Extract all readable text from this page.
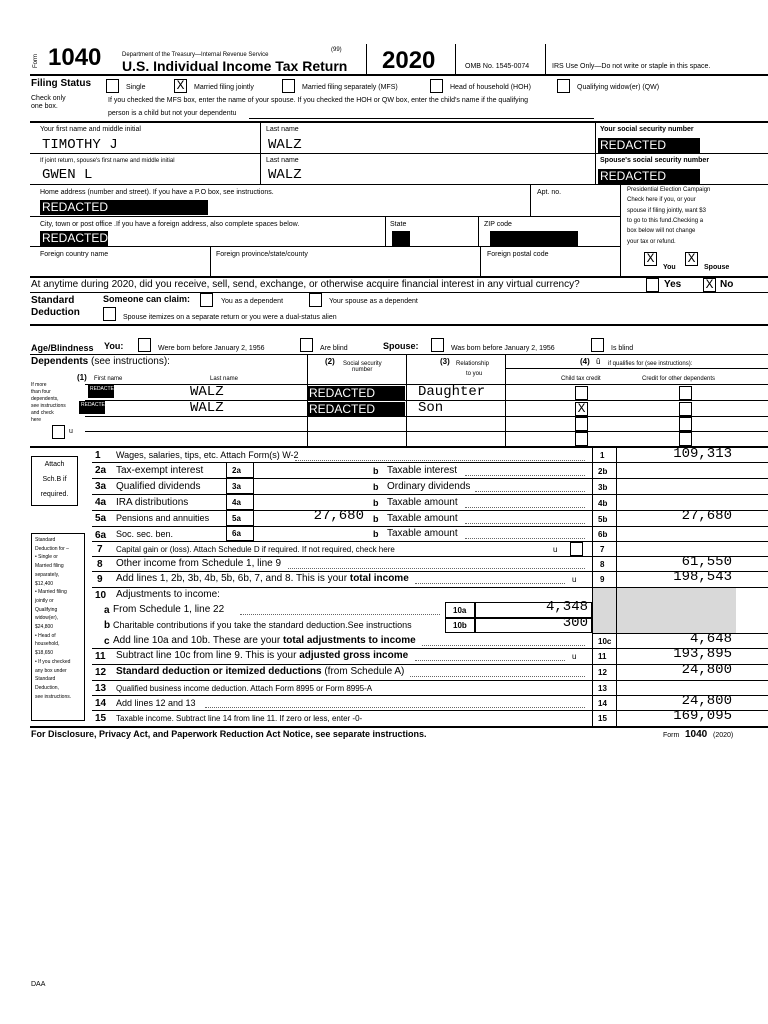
Form 1040	Department of the Treasury—Internal Revenue Service
(99)
U.S. Individual Income Tax Return 2020	OMB No. 1545-0074	IRS Use Only—Do not write or staple in this space.
Filing Status
Check only
one box.
Single X	Married filing jointly	Married filing separately (MFS)	Head of household (HOH)	Qualifying widow(er) (QW)
If you checked the MFS box, enter the name of your spouse. If you checked the HOH or QW box, enter the child's name if the qualifying
person is a child but not your dependentu
Your first name and middle initial
TIMOTHY J
Last name
WALZ
Your social security number
REDACTED
If joint return, spouse's first name and middle initial
GWEN L
Last name
WALZ
Spouse's social security number
REDACTED
Home address (number and street). If you have a P.O box, see instructions.
REDACTED
Apt. no.
City, town or post office .If you have a foreign address, also complete spaces below.
REDACTED
State	ZIP code
Foreign country name	Foreign province/state/county	Foreign postal code
Presidential Election Campaign
Check here if you, or your
spouse if filing jointly, want $3
to go to this fund.Checking a
box below will not change
your tax or refund.
X
You
X
Spouse
At anytime during 2020, did you receive, sell, send, exchange, or otherwise acquire financial interest in any virtual currency?	Yes X No
Standard
Deduction
Someone can claim:	You as a dependent	Your spouse as a dependent
Spouse itemizes on a separate return or you were a dual-status alien
Age/Blindness You:	Were born before January 2, 1956	Are blind	Spouse:	Was born before January 2, 1956	Is blind
Dependents (see instructions):	(2) Social security
number
(3) Relationship
to you
(4) û if qualifies for (see instructions):
(1) First name	Last name	Child tax credit	Credit for other dependents
If more
than four
dependents,
see instructions
and check
here
u
REDACTED	WALZ	REDACTED	Daughter
REDACTED	WALZ	REDACTED	Son	X
Attach
Sch.B if
required.
Standard
Deduction for –
• Single or
Married filing
separately,
$12,400
• Married filing
jointly or
Qualifying
widow(er),
$24,800
• Head of
household,
$18,650
• If you checked
any box under
Standard
Deduction,
see instructions.
1 Wages, salaries, tips, etc. Attach Form(s) W-2	1	109,313
2a Tax-exempt interest	2a	b Taxable interest	2b
3a Qualified dividends	3a	b Ordinary dividends	3b
4a IRA distributions	4a	b Taxable amount	4b
5a Pensions and annuities	5a	27,680 b Taxable amount	5b	27,680
6a Soc. sec. ben.	6a	b Taxable amount	6b
7 Capital gain or (loss). Attach Schedule D if required. If not required, check here	u	7
8 Other income from Schedule 1, line 9	8	61,550
9 Add lines 1, 2b, 3b, 4b, 5b, 6b, 7, and 8. This is your total income	u	9	198,543
10 Adjustments to income:
a From Schedule 1, line 22	10a	4,348
b Charitable contributions if you take the standard deduction.See instructions	10b	300
c Add line 10a and 10b. These are your total adjustments to income	10c	4,648
11 Subtract line 10c from line 9. This is your adjusted gross income	u	11	193,895
12 Standard deduction or itemized deductions (from Schedule A)	12	24,800
13 Qualified business income deduction. Attach Form 8995 or Form 8995-A	13
14 Add lines 12 and 13	14	24,800
15 Taxable income. Subtract line 14 from line 11. If zero or less, enter -0-	15	169,095
For Disclosure, Privacy Act, and Paperwork Reduction Act Notice, see separate instructions.	Form 1040 (2020)
DAA
